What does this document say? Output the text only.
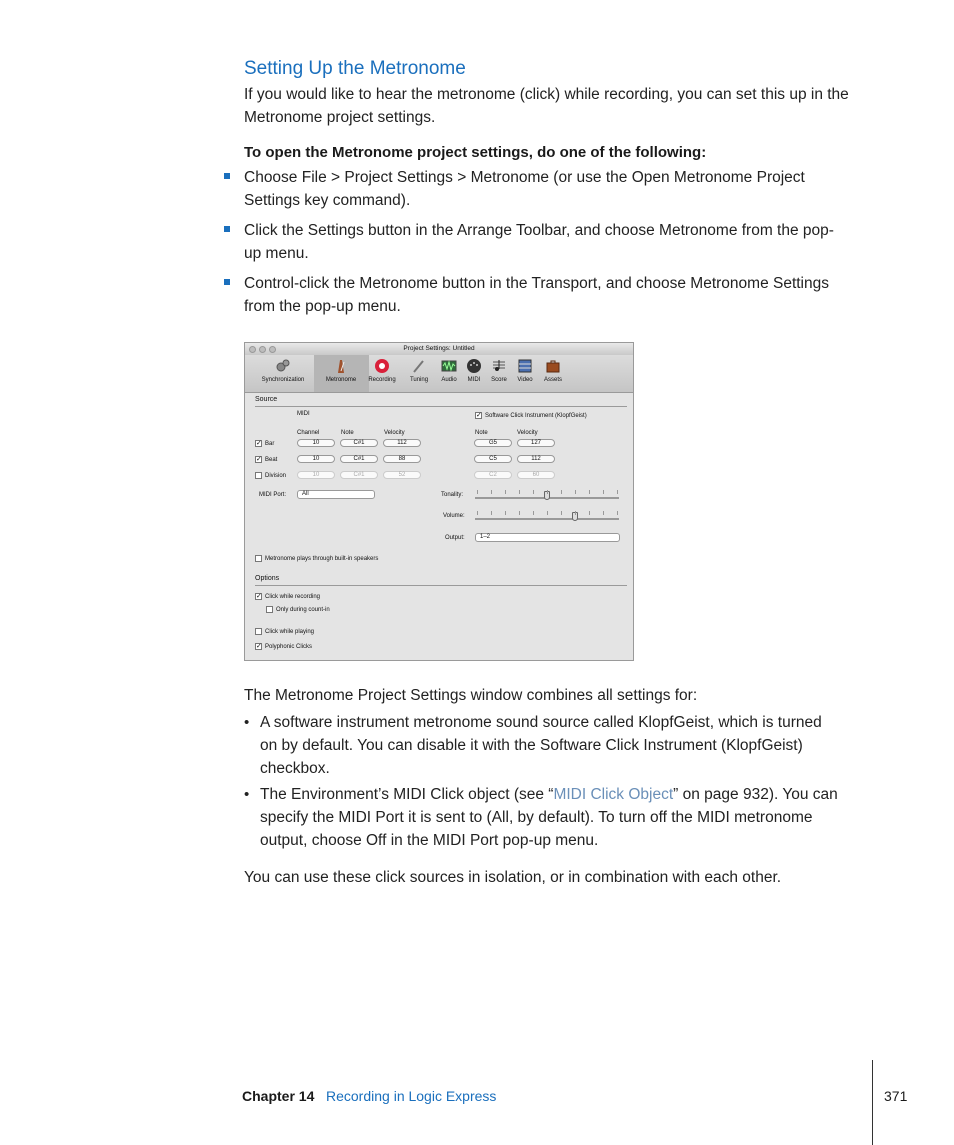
Setting Up the Metronome
If you would like to hear the metronome (click) while recording, you can set this up in the Metronome project settings.
To open the Metronome project settings, do one of the following:
Choose File > Project Settings > Metronome (or use the Open Metronome Project
Settings key command).
Click the Settings button in the Arrange Toolbar, and choose Metronome from the pop-
up menu.
Control-click the Metronome button in the Transport, and choose Metronome Settings
from the pop-up menu.
Project Settings: Untitled
Synchronization	Metronome	Recording	Tuning	Audio	MIDI	Score	Video	Assets
Source
MIDI	✓ Software Click Instrument (KlopfGeist)
Channel	Note	Velocity	Note	Velocity
✓ Bar	10	C#1	112	G5	127
✓ Beat	10	C#1	88	C5	112
Division	10	C#1	52	C2	60
MIDI Port:	All	Tonality:
Volume:
Output:	1–2
Metronome plays through built-in speakers
Options
✓ Click while recording
Only during count-in
Click while playing
✓ Polyphonic Clicks
The Metronome Project Settings window combines all settings for:
• A software instrument metronome sound source called KlopfGeist, which is turned
on by default. You can disable it with the Software Click Instrument (KlopfGeist)
checkbox.
• The Environment’s MIDI Click object (see “MIDI Click Object” on page 932). You can
specify the MIDI Port it is sent to (All, by default). To turn off the MIDI metronome
output, choose Off in the MIDI Port pop-up menu.
You can use these click sources in isolation, or in combination with each other.
Chapter 14 Recording in Logic Express	371
